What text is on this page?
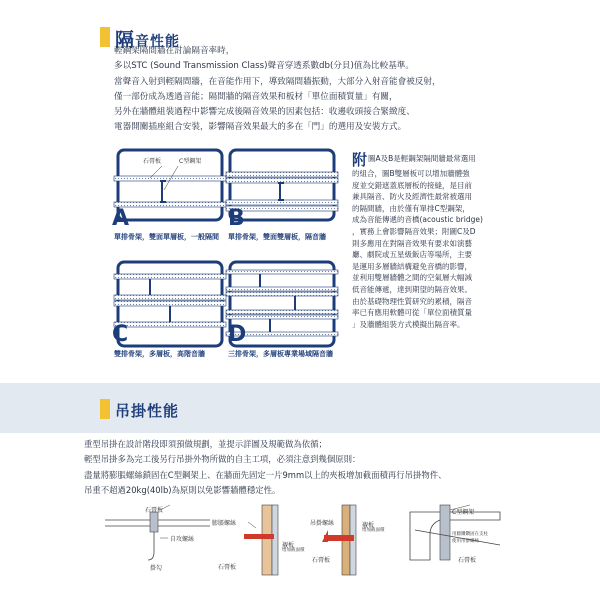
隔音性能
輕鋼架隔間牆在討論隔音率時，
多以STC (Sound Transmission Class)聲音穿透系數db(分貝)值為比較基準。
當聲音入射到輕隔間牆，在音能作用下，導致隔間牆振動，大部分入射音能會被反射，
僅一部份成為透過音能；隔間牆的隔音效果和板材「單位面積質量」有關，
另外在牆體組裝過程中影響完成後隔音效果的因素包括：收邊收頭接合緊緻度、
電器開關插座組合安裝，影響隔音效果最大的多在「門」的選用及安裝方式。
A
石膏板	C型鋼架
單排骨架，雙面單層板，一般隔間
B
單排骨架，雙面雙層板，隔音牆
C
雙排骨架，多層板，高階音牆
D
三排骨架，多層板專業場域隔音牆
附 圖A及B是輕鋼架隔間牆最常選用
的組合，圖B雙層板可以增加牆體強
度並交錯遮蓋底層板的接縫，是目前
兼具隔音、防火及經濟性最常被選用
的隔間牆，由於僅有單排C型鋼架，
成為音能傳遞的音橋(acoustic bridge)
，實務上會影響隔音效果；附圖C及D
則多應用在對隔音效果有要求如演藝
廳、劇院或五星級飯店等場所，主要
是運用多層牆結構避免音橋的影響，
並利用雙層牆體之間的空氣層大幅減
低音能傳遞，達到期望的隔音效果。
由於基礎物理性質研究的累積，隔音
率已有應用軟體可從「單位面積質量
」及牆體組裝方式模擬出隔音率。
吊掛性能
重型吊掛在設計階段即須預做規劃，並提示詳圖及規範做為依循；
輕型吊掛多為完工後另行吊掛外物所做的自主工項，必須注意到幾個原則：
盡量將膨脹螺絲鎖固在C型鋼架上、在牆面先固定一片9mm以上的夾板增加截面積再行吊掛物件、
吊重不超過20kg(40lb)為原則以免影響牆體穩定性。
石膏板
自攻螺絲
掛勾
膨脹螺絲
襯板
增加截面積
石膏板
吊掛螺絲	襯板
增加截面積
石膏板
C型鋼架
用牆鑽鑽固在支柱
使用吊掛螺絲
石膏板
